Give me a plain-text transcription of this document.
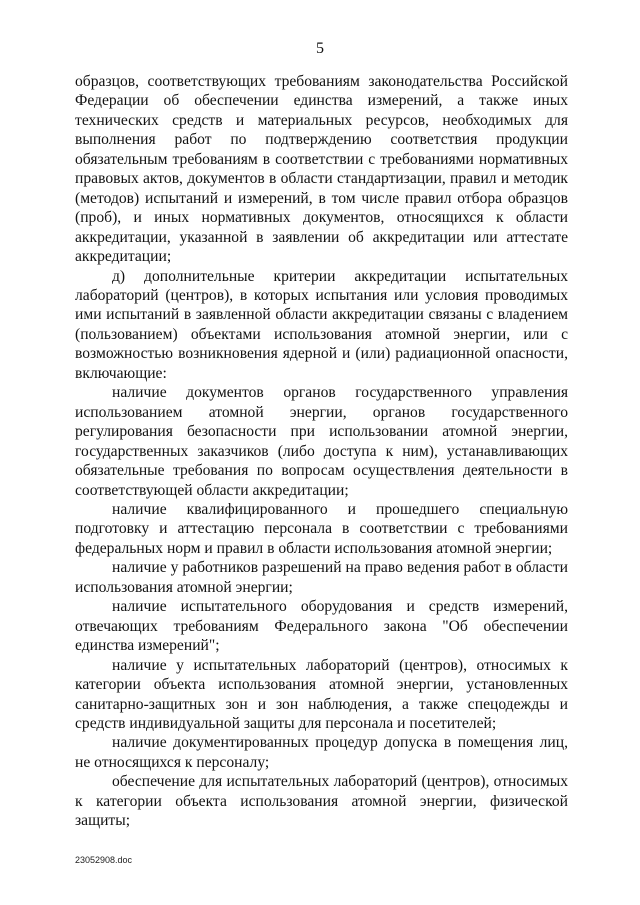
5

образцов, соответствующих требованиям законодательства Российской Федерации об обеспечении единства измерений, а также иных технических средств и материальных ресурсов, необходимых для выполнения работ по подтверждению соответствия продукции обязательным требованиям в соответствии с требованиями нормативных правовых актов, документов в области стандартизации, правил и методик (методов) испытаний и измерений, в том числе правил отбора образцов (проб), и иных нормативных документов, относящихся к области аккредитации, указанной в заявлении об аккредитации или аттестате аккредитации;

д) дополнительные критерии аккредитации испытательных лабораторий (центров), в которых испытания или условия проводимых ими испытаний в заявленной области аккредитации связаны с владением (пользованием) объектами использования атомной энергии, или с возможностью возникновения ядерной и (или) радиационной опасности, включающие:

наличие документов органов государственного управления использованием атомной энергии, органов государственного регулирования безопасности при использовании атомной энергии, государственных заказчиков (либо доступа к ним), устанавливающих обязательные требования по вопросам осуществления деятельности в соответствующей области аккредитации;

наличие квалифицированного и прошедшего специальную подготовку и аттестацию персонала в соответствии с требованиями федеральных норм и правил в области использования атомной энергии;

наличие у работников разрешений на право ведения работ в области использования атомной энергии;

наличие испытательного оборудования и средств измерений, отвечающих требованиям Федерального закона "Об обеспечении единства измерений";

наличие у испытательных лабораторий (центров), относимых к категории объекта использования атомной энергии, установленных санитарно-защитных зон и зон наблюдения, а также спецодежды и средств индивидуальной защиты для персонала и посетителей;

наличие документированных процедур допуска в помещения лиц, не относящихся к персоналу;

обеспечение для испытательных лабораторий (центров), относимых к категории объекта использования атомной энергии, физической защиты;

23052908.doc
